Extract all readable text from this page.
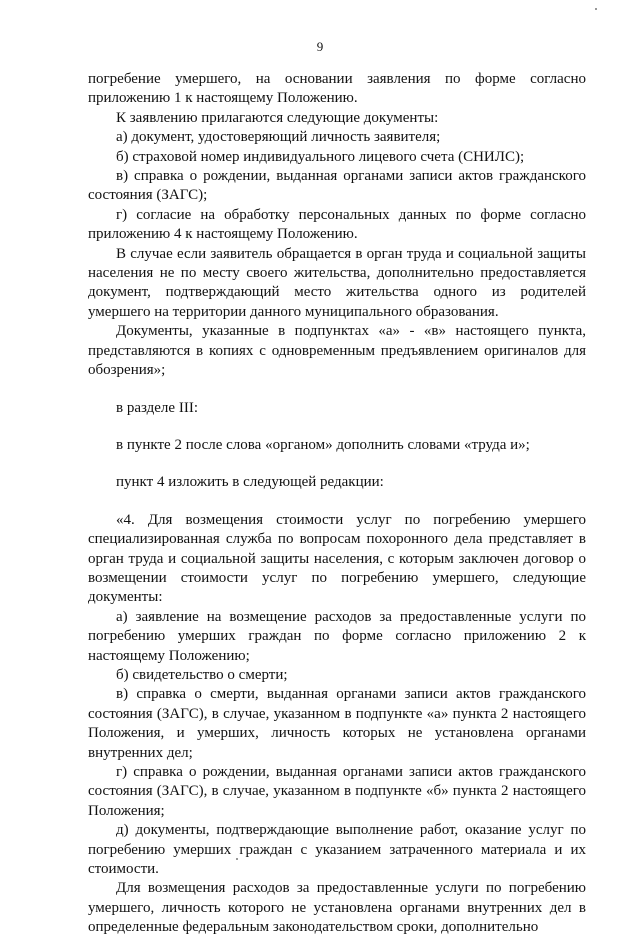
9

погребение умершего, на основании заявления по форме согласно приложению 1 к настоящему Положению.

К заявлению прилагаются следующие документы:

а) документ, удостоверяющий личность заявителя;

б) страховой номер индивидуального лицевого счета (СНИЛС);

в) справка о рождении, выданная органами записи актов гражданского состояния (ЗАГС);

г) согласие на обработку персональных данных по форме согласно приложению 4 к настоящему Положению.

В случае если заявитель обращается в орган труда и социальной защиты населения не по месту своего жительства, дополнительно предоставляется документ, подтверждающий место жительства одного из родителей умершего на территории данного муниципального образования.

Документы, указанные в подпунктах «а» - «в» настоящего пункта, представляются в копиях с одновременным предъявлением оригиналов для обозрения»;

в разделе III:

в пункте 2 после слова «органом» дополнить словами «труда и»;

пункт 4 изложить в следующей редакции:

«4. Для возмещения стоимости услуг по погребению умершего специализированная служба по вопросам похоронного дела представляет в орган труда и социальной защиты населения, с которым заключен договор о возмещении стоимости услуг по погребению умершего, следующие документы:

а) заявление на возмещение расходов за предоставленные услуги по погребению умерших граждан по форме согласно приложению 2 к настоящему Положению;

б) свидетельство о смерти;

в) справка о смерти, выданная органами записи актов гражданского состояния (ЗАГС), в случае, указанном в подпункте «а» пункта 2 настоящего Положения, и умерших, личность которых не установлена органами внутренних дел;

г) справка о рождении, выданная органами записи актов гражданского состояния (ЗАГС), в случае, указанном в подпункте «б» пункта 2 настоящего Положения;

д) документы, подтверждающие выполнение работ, оказание услуг по погребению умерших граждан с указанием затраченного материала и их стоимости.

Для возмещения расходов за предоставленные услуги по погребению умершего, личность которого не установлена органами внутренних дел в определенные федеральным законодательством сроки, дополнительно
